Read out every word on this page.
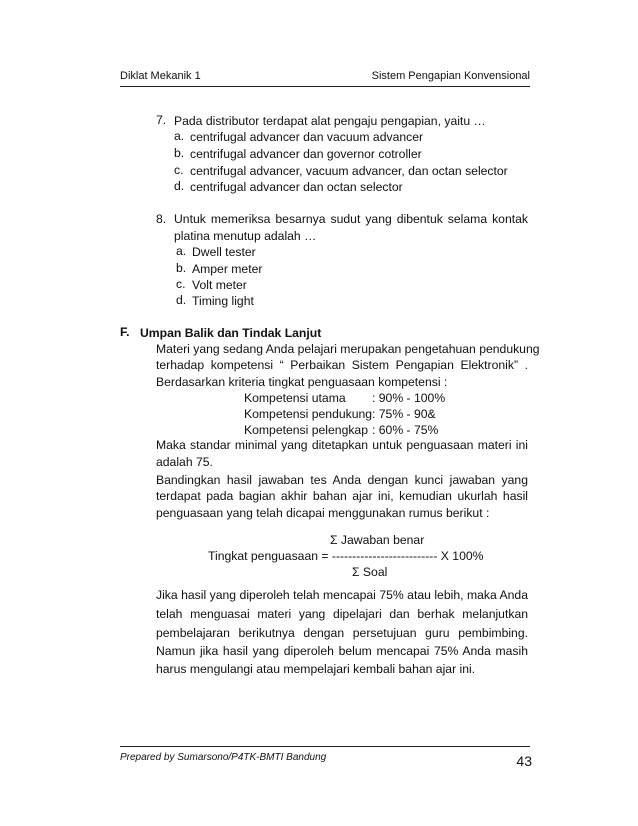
Diklat Mekanik 1	Sistem Pengapian Konvensional
7. Pada distributor terdapat alat pengaju pengapian, yaitu …
a. centrifugal advancer dan vacuum advancer
b. centrifugal advancer dan governor cotroller
c. centrifugal advancer, vacuum advancer, dan octan selector
d. centrifugal advancer dan octan selector
8. Untuk memeriksa besarnya sudut yang dibentuk selama kontak
platina menutup adalah …
a. Dwell tester
b. Amper meter
c. Volt meter
d. Timing light
F. Umpan Balik dan Tindak Lanjut
Materi yang sedang Anda pelajari merupakan pengetahuan pendukung
terhadap kompetensi “ Perbaikan Sistem Pengapian Elektronik” .
Berdasarkan kriteria tingkat penguasaan kompetensi :
Kompetensi utama : 90% - 100%
Kompetensi pendukung : 75% - 90&
Kompetensi pelengkap : 60% - 75%
Maka standar minimal yang ditetapkan untuk penguasaan materi ini
adalah 75.
Bandingkan hasil jawaban tes Anda dengan kunci jawaban yang
terdapat pada bagian akhir bahan ajar ini, kemudian ukurlah hasil
penguasaan yang telah dicapai menggunakan rumus berikut :
Σ Jawaban benar
Tingkat penguasaan = -------------------------- X 100%
Σ Soal
Jika hasil yang diperoleh telah mencapai 75% atau lebih, maka Anda
telah menguasai materi yang dipelajari dan berhak melanjutkan
pembelajaran berikutnya dengan persetujuan guru pembimbing.
Namun jika hasil yang diperoleh belum mencapai 75% Anda masih
harus mengulangi atau mempelajari kembali bahan ajar ini.
Prepared by Sumarsono/P4TK-BMTI Bandung	43
